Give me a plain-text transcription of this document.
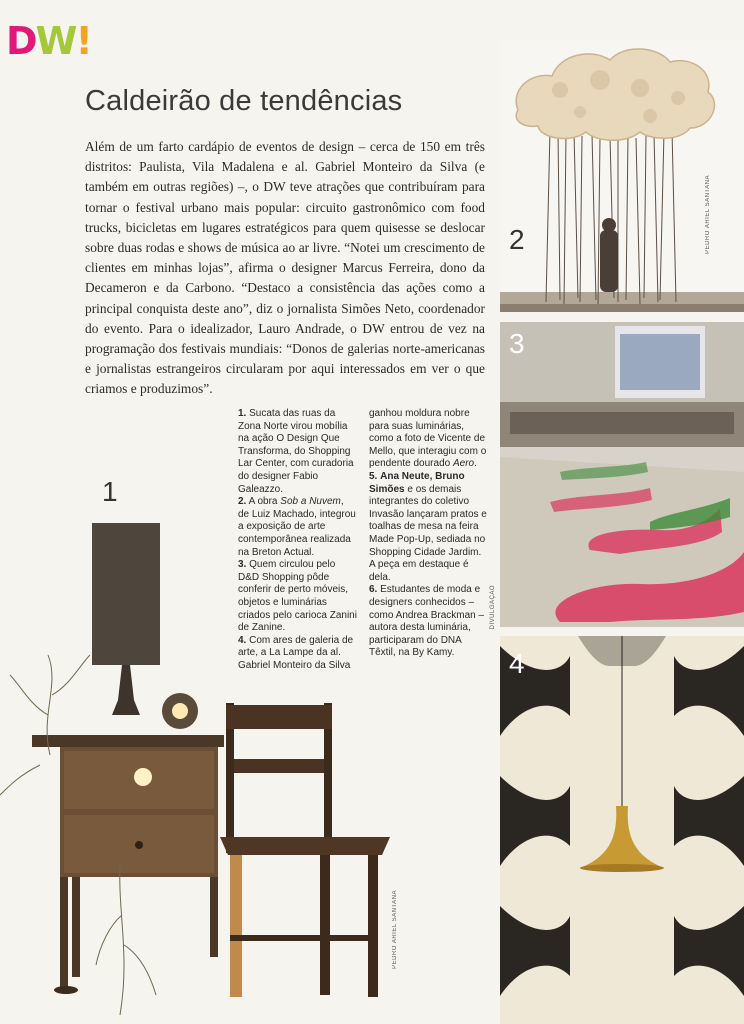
DW!
Caldeirão de tendências

Além de um farto cardápio de eventos de design – cerca de 150 em três distritos: Paulista, Vila Madalena e al. Gabriel Monteiro da Silva (e também em outras regiões) –, o DW teve atrações que contribuíram para tornar o festival urbano mais popular: circuito gastronômico com food trucks, bicicletas em lugares estratégicos para quem quisesse se deslocar sobre duas rodas e shows de música ao ar livre. “Notei um crescimento de clientes em minhas lojas”, afirma o designer Marcus Ferreira, dono da Decameron e da Carbono. “Destaco a consistência das ações como a principal conquista deste ano”, diz o jornalista Simões Neto, coordenador do evento. Para o idealizador, Lauro Andrade, o DW entrou de vez na programação dos festivais mundiais: “Donos de galerias norte-americanas e jornalistas estrangeiros circularam por aqui interessados em ver o que criamos e produzimos”.

1. Sucata das ruas da Zona Norte virou mobília na ação O Design Que Transforma, do Shopping Lar Center, com curadoria do designer Fabio Galeazzo.

2. A obra Sob a Nuvem, de Luiz Machado, integrou a exposição de arte contemporânea realizada na Breton Actual.

3. Quem circulou pelo D&D Shopping pôde conferir de perto móveis, objetos e luminárias criados pelo carioca Zanini de Zanine.

4. Com ares de galeria de arte, a La Lampe da al. Gabriel Monteiro da Silva ganhou moldura nobre para suas luminárias, como a foto de Vicente de Mello, que interagiu com o pendente dourado Aero.

5. Ana Neute, Bruno Simões e os demais integrantes do coletivo Invasão lançaram pratos e toalhas de mesa na feira Made Pop-Up, sediada no Shopping Cidade Jardim. A peça em destaque é dela.

6. Estudantes de moda e designers conhecidos – como Andrea Brackman – autora desta luminária, participaram do DNA Têxtil, na By Kamy.

2	PEDRO ARIEL SANTANA
3
DIVULGAÇÃO
4
1
PEDRO ARIEL SANTANA
